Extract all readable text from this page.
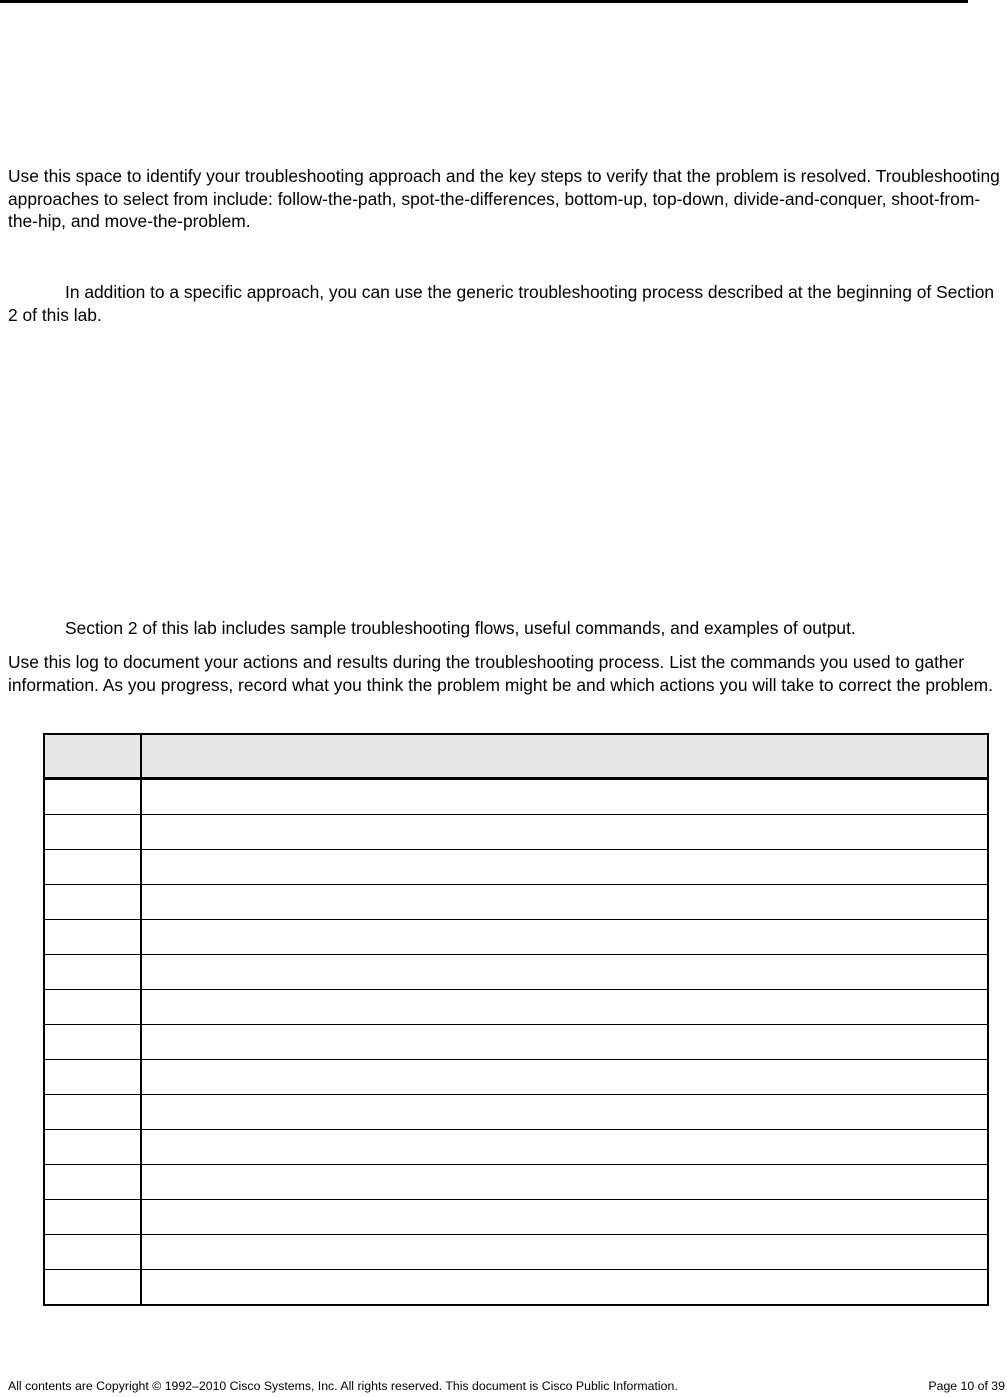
Use this space to identify your troubleshooting approach and the key steps to verify that the problem is resolved. Troubleshooting approaches to select from include: follow-the-path, spot-the-differences, bottom-up, top-down, divide-and-conquer, shoot-from-the-hip, and move-the-problem.

In addition to a specific approach, you can use the generic troubleshooting process described at the beginning of Section 2 of this lab.

Section 2 of this lab includes sample troubleshooting flows, useful commands, and examples of output.

Use this log to document your actions and results during the troubleshooting process. List the commands you used to gather information. As you progress, record what you think the problem might be and which actions you will take to correct the problem.

All contents are Copyright © 1992–2010 Cisco Systems, Inc. All rights reserved. This document is Cisco Public Information.	Page 10 of 39
